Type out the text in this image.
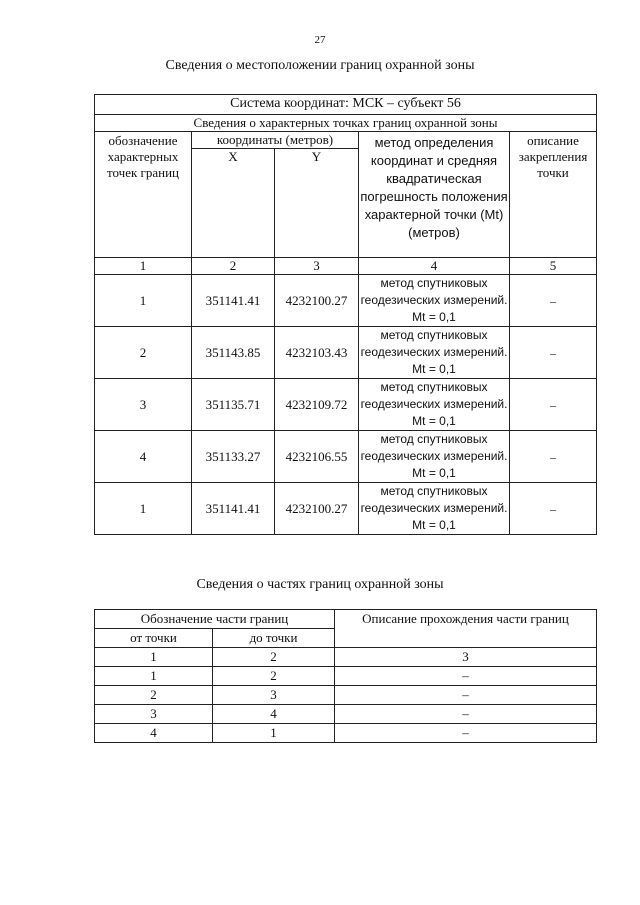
27
Сведения о местоположении границ охранной зоны
Система координат: МСК – субъект 56				
Сведения о характерных точках границ охранной зоны				
обозначение характерных точек границ	координаты (метров)		метод определения координат и средняя квадратическая погрешность положения характерной точки (Mt) (метров)	описание закрепления точки
	X	Y		
1	2	3	4	5
1	351141.41	4232100.27	метод спутниковых геодезических измерений. Mt = 0,1	–
2	351143.85	4232103.43	метод спутниковых геодезических измерений. Mt = 0,1	–
3	351135.71	4232109.72	метод спутниковых геодезических измерений. Mt = 0,1	–
4	351133.27	4232106.55	метод спутниковых геодезических измерений. Mt = 0,1	–
1	351141.41	4232100.27	метод спутниковых геодезических измерений. Mt = 0,1	–
Сведения о частях границ охранной зоны
Обозначение части границ		Описание прохождения части границ
от точки	до точки	
1	2	3
1	2	–
2	3	–
3	4	–
4	1	–
